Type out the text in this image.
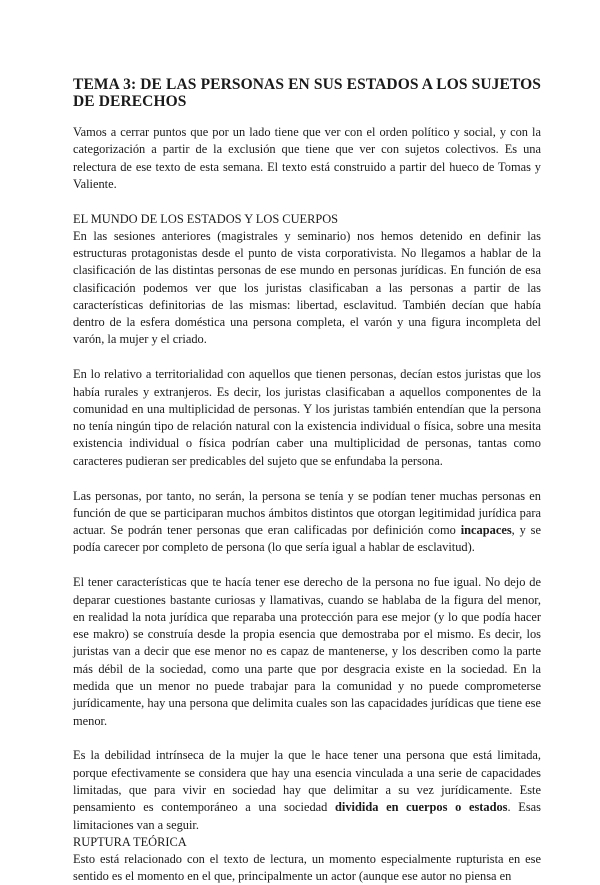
TEMA 3: DE LAS PERSONAS EN SUS ESTADOS A LOS SUJETOS DE DERECHOS

Vamos a cerrar puntos que por un lado tiene que ver con el orden político y social, y con la categorización a partir de la exclusión que tiene que ver con sujetos colectivos. Es una relectura de ese texto de esta semana. El texto está construido a partir del hueco de Tomas y Valiente.

EL MUNDO DE LOS ESTADOS Y LOS CUERPOS

En las sesiones anteriores (magistrales y seminario) nos hemos detenido en definir las estructuras protagonistas desde el punto de vista corporativista. No llegamos a hablar de la clasificación de las distintas personas de ese mundo en personas jurídicas. En función de esa clasificación podemos ver que los juristas clasificaban a las personas a partir de las características definitorias de las mismas: libertad, esclavitud. También decían que había dentro de la esfera doméstica una persona completa, el varón y una figura incompleta del varón, la mujer y el criado.

En lo relativo a territorialidad con aquellos que tienen personas, decían estos juristas que los había rurales y extranjeros. Es decir, los juristas clasificaban a aquellos componentes de la comunidad en una multiplicidad de personas. Y los juristas también entendían que la persona no tenía ningún tipo de relación natural con la existencia individual o física, sobre una mesita existencia individual o física podrían caber una multiplicidad de personas, tantas como caracteres pudieran ser predicables del sujeto que se enfundaba la persona.

Las personas, por tanto, no serán, la persona se tenía y se podían tener muchas personas en función de que se participaran muchos ámbitos distintos que otorgan legitimidad jurídica para actuar. Se podrán tener personas que eran calificadas por definición como incapaces, y se podía carecer por completo de persona (lo que sería igual a hablar de esclavitud).

El tener características que te hacía tener ese derecho de la persona no fue igual. No dejo de deparar cuestiones bastante curiosas y llamativas, cuando se hablaba de la figura del menor, en realidad la nota jurídica que reparaba una protección para ese mejor (y lo que podía hacer ese makro) se construía desde la propia esencia que demostraba por el mismo. Es decir, los juristas van a decir que ese menor no es capaz de mantenerse, y los describen como la parte más débil de la sociedad, como una parte que por desgracia existe en la sociedad. En la medida que un menor no puede trabajar para la comunidad y no puede comprometerse jurídicamente, hay una persona que delimita cuales son las capacidades jurídicas que tiene ese menor.

Es la debilidad intrínseca de la mujer la que le hace tener una persona que está limitada, porque efectivamente se considera que hay una esencia vinculada a una serie de capacidades limitadas, que para vivir en sociedad hay que delimitar a su vez jurídicamente. Este pensamiento es contemporáneo a una sociedad dividida en cuerpos o estados. Esas limitaciones van a seguir.

RUPTURA TEÓRICA

Esto está relacionado con el texto de lectura, un momento especialmente rupturista en ese sentido es el momento en el que, principalmente un actor (aunque ese autor no piensa en
